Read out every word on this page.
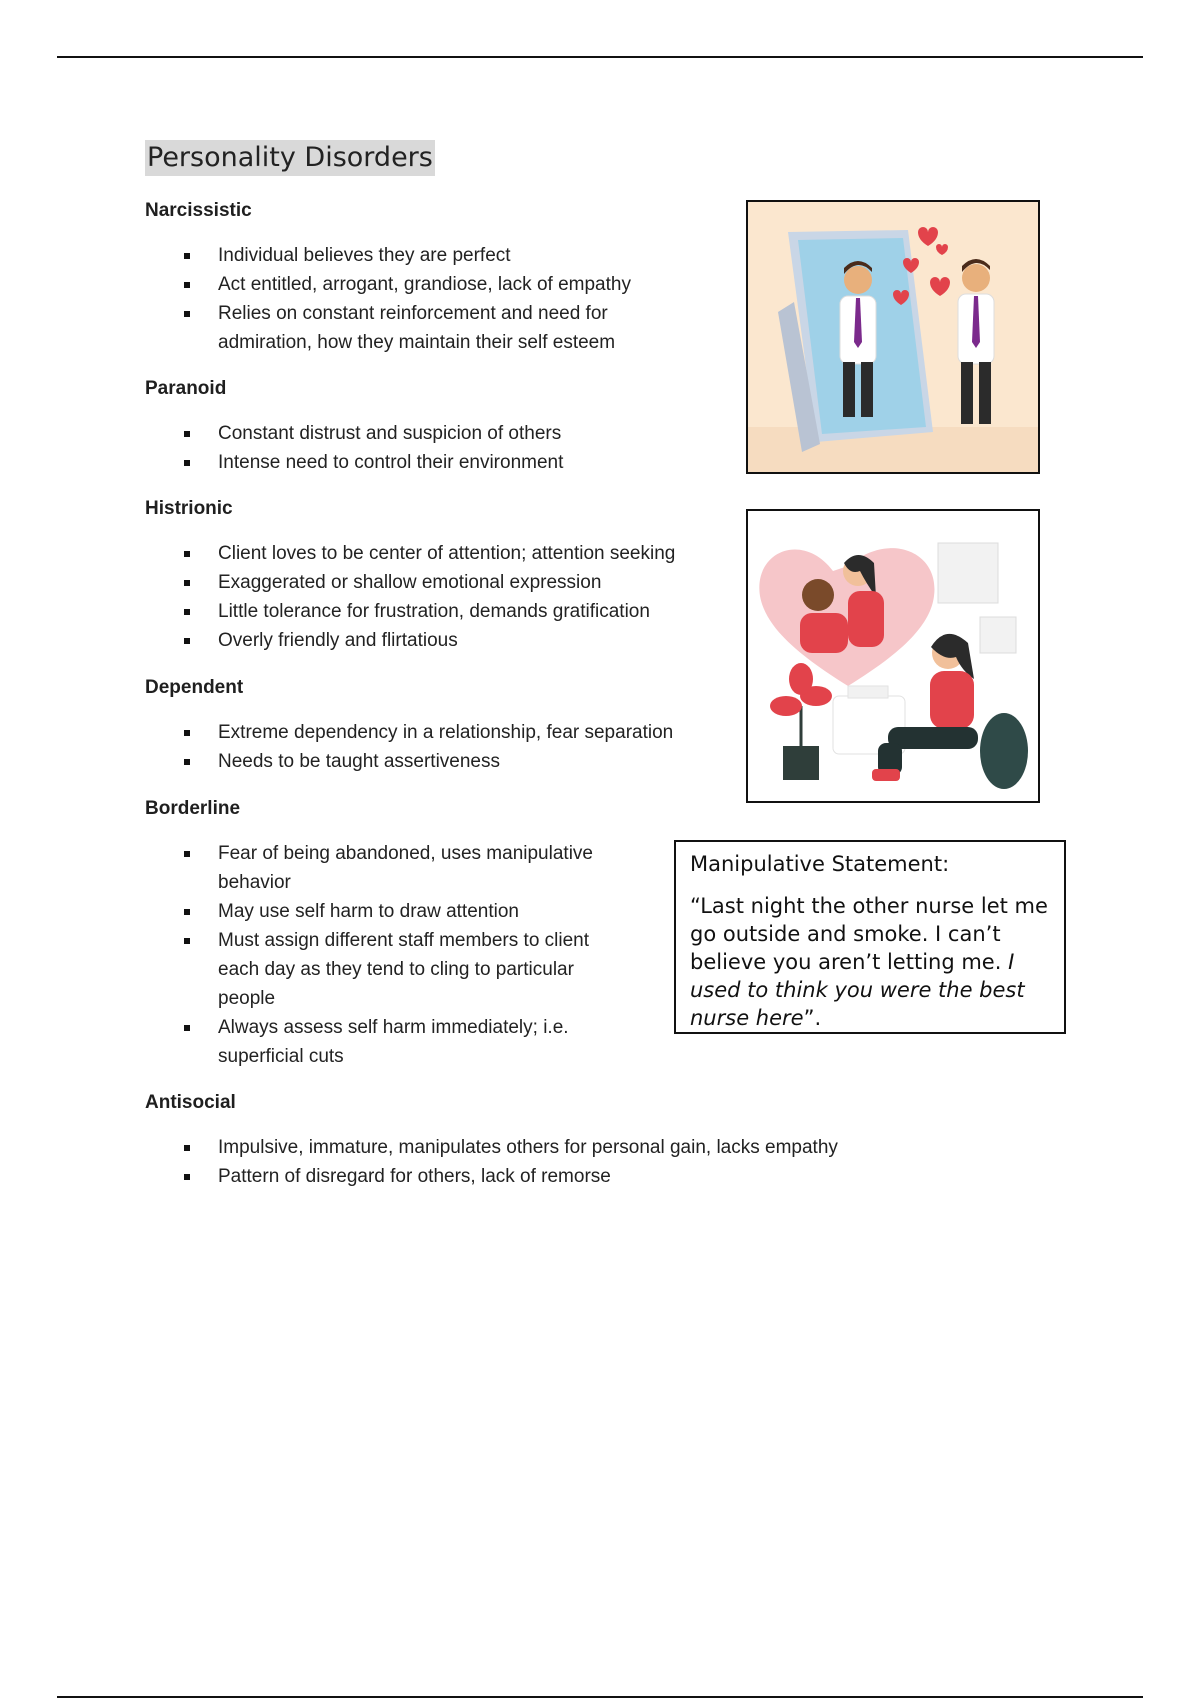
Personality Disorders
Narcissistic
Individual believes they are perfect
Act entitled, arrogant, grandiose, lack of empathy
Relies on constant reinforcement and need for
admiration, how they maintain their self esteem
Paranoid
Constant distrust and suspicion of others
Intense need to control their environment
Histrionic
Client loves to be center of attention; attention seeking
Exaggerated or shallow emotional expression
Little tolerance for frustration, demands gratification
Overly friendly and flirtatious
Dependent
Extreme dependency in a relationship, fear separation
Needs to be taught assertiveness
Borderline
Fear of being abandoned, uses manipulative
behavior
May use self harm to draw attention
Must assign different staff members to client
each day as they tend to cling to particular
people
Always assess self harm immediately; i.e.
superficial cuts
Antisocial
Impulsive, immature, manipulates others for personal gain, lacks empathy
Pattern of disregard for others, lack of remorse
Manipulative Statement:
“Last night the other nurse let me go outside and smoke. I can’t believe you aren’t letting me. I used to think you were the best nurse here”.
